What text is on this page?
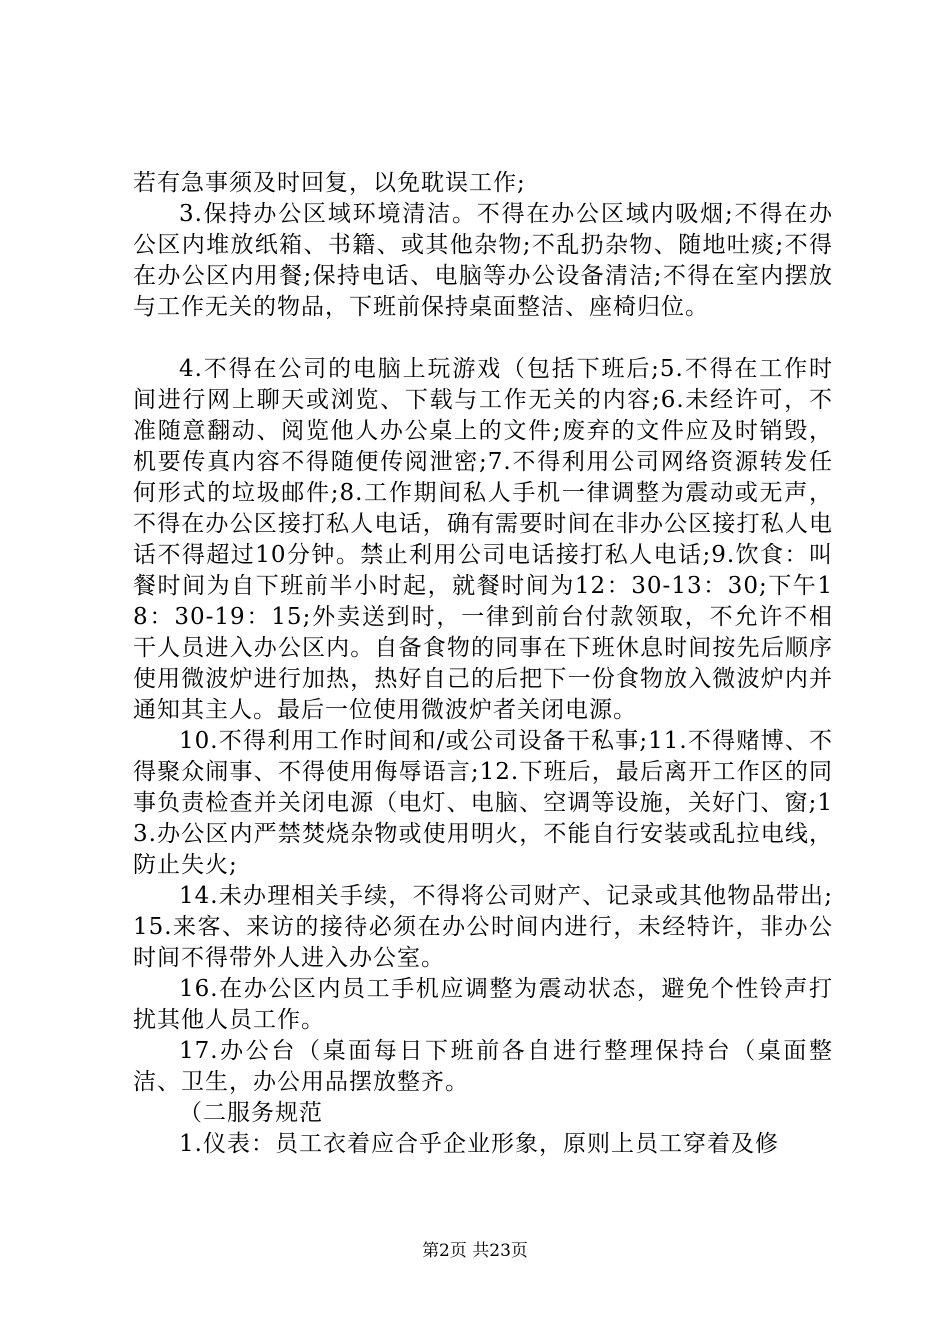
若有急事须及时回复，以免耽误工作;

3.保持办公区域环境清洁。不得在办公区域内吸烟;不得在办公区内堆放纸箱、书籍、或其他杂物;不乱扔杂物、随地吐痰;不得在办公区内用餐;保持电话、电脑等办公设备清洁;不得在室内摆放与工作无关的物品，下班前保持桌面整洁、座椅归位。

4.不得在公司的电脑上玩游戏（包括下班后;5.不得在工作时间进行网上聊天或浏览、下载与工作无关的内容;6.未经许可，不准随意翻动、阅览他人办公桌上的文件;废弃的文件应及时销毁，机要传真内容不得随便传阅泄密;7.不得利用公司网络资源转发任何形式的垃圾邮件;8.工作期间私人手机一律调整为震动或无声，不得在办公区接打私人电话，确有需要时间在非办公区接打私人电话不得超过10分钟。禁止利用公司电话接打私人电话;9.饮食：叫餐时间为自下班前半小时起，就餐时间为12：30-13：30;下午18：30-19：15;外卖送到时，一律到前台付款领取，不允许不相干人员进入办公区内。自备食物的同事在下班休息时间按先后顺序使用微波炉进行加热，热好自己的后把下一份食物放入微波炉内并通知其主人。最后一位使用微波炉者关闭电源。

10.不得利用工作时间和/或公司设备干私事;11.不得赌博、不得聚众闹事、不得使用侮辱语言;12.下班后，最后离开工作区的同事负责检查并关闭电源（电灯、电脑、空调等设施，关好门、窗;13.办公区内严禁焚烧杂物或使用明火，不能自行安装或乱拉电线，防止失火;

14.未办理相关手续，不得将公司财产、记录或其他物品带出;15.来客、来访的接待必须在办公时间内进行，未经特许，非办公时间不得带外人进入办公室。

16.在办公区内员工手机应调整为震动状态，避免个性铃声打扰其他人员工作。

17.办公台（桌面每日下班前各自进行整理保持台（桌面整洁、卫生，办公用品摆放整齐。

（二服务规范

1.仪表：员工衣着应合乎企业形象，原则上员工穿着及修

第2页 共23页
